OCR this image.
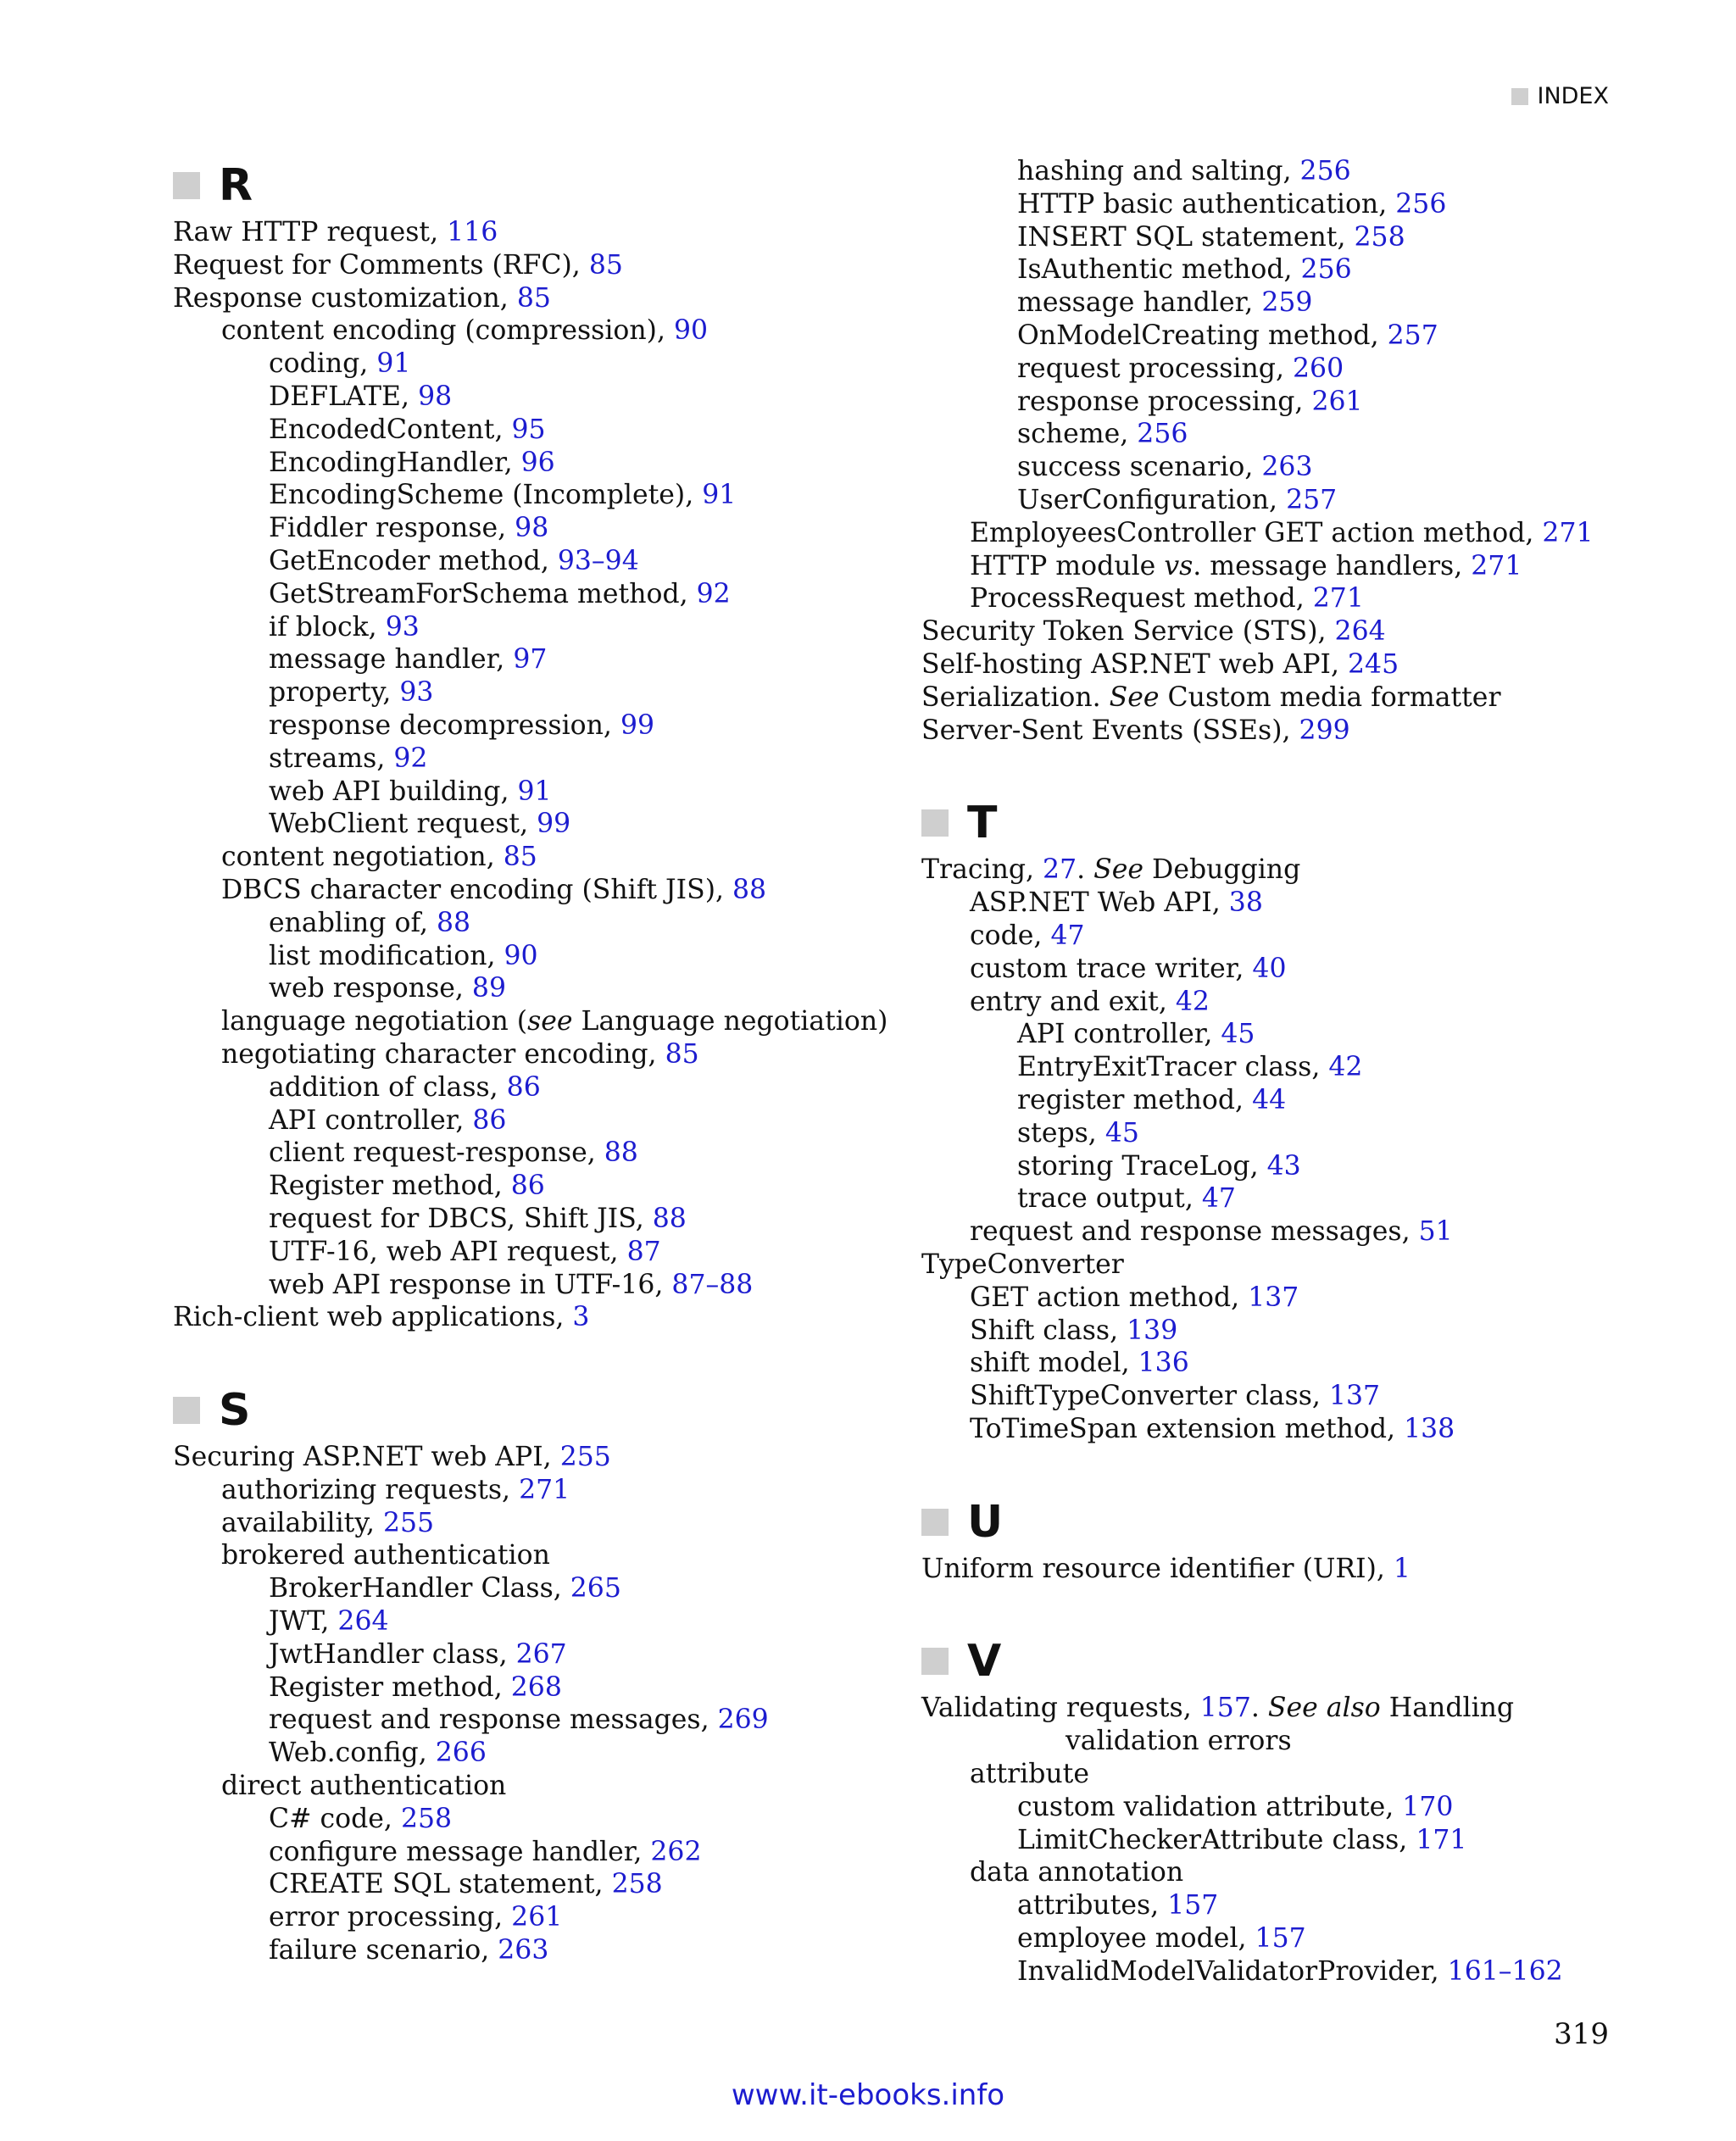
INDEX
R
Raw HTTP request, 116
Request for Comments (RFC), 85
Response customization, 85
content encoding (compression), 90
coding, 91
DEFLATE, 98
EncodedContent, 95
EncodingHandler, 96
EncodingScheme (Incomplete), 91
Fiddler response, 98
GetEncoder method, 93–94
GetStreamForSchema method, 92
if block, 93
message handler, 97
property, 93
response decompression, 99
streams, 92
web API building, 91
WebClient request, 99
content negotiation, 85
DBCS character encoding (Shift JIS), 88
enabling of, 88
list modification, 90
web response, 89
language negotiation (see Language negotiation)
negotiating character encoding, 85
addition of class, 86
API controller, 86
client request-response, 88
Register method, 86
request for DBCS, Shift JIS, 88
UTF-16, web API request, 87
web API response in UTF-16, 87–88
Rich-client web applications, 3
S
Securing ASP.NET web API, 255
authorizing requests, 271
availability, 255
brokered authentication
BrokerHandler Class, 265
JWT, 264
JwtHandler class, 267
Register method, 268
request and response messages, 269
Web.config, 266
direct authentication
C# code, 258
configure message handler, 262
CREATE SQL statement, 258
error processing, 261
failure scenario, 263
hashing and salting, 256
HTTP basic authentication, 256
INSERT SQL statement, 258
IsAuthentic method, 256
message handler, 259
OnModelCreating method, 257
request processing, 260
response processing, 261
scheme, 256
success scenario, 263
UserConfiguration, 257
EmployeesController GET action method, 271
HTTP module vs. message handlers, 271
ProcessRequest method, 271
Security Token Service (STS), 264
Self-hosting ASP.NET web API, 245
Serialization. See Custom media formatter
Server-Sent Events (SSEs), 299
T
Tracing, 27. See Debugging
ASP.NET Web API, 38
code, 47
custom trace writer, 40
entry and exit, 42
API controller, 45
EntryExitTracer class, 42
register method, 44
steps, 45
storing TraceLog, 43
trace output, 47
request and response messages, 51
TypeConverter
GET action method, 137
Shift class, 139
shift model, 136
ShiftTypeConverter class, 137
ToTimeSpan extension method, 138
U
Uniform resource identifier (URI), 1
V
Validating requests, 157. See also Handling
validation errors
attribute
custom validation attribute, 170
LimitCheckerAttribute class, 171
data annotation
attributes, 157
employee model, 157
InvalidModelValidatorProvider, 161–162
319
www.it-ebooks.info
